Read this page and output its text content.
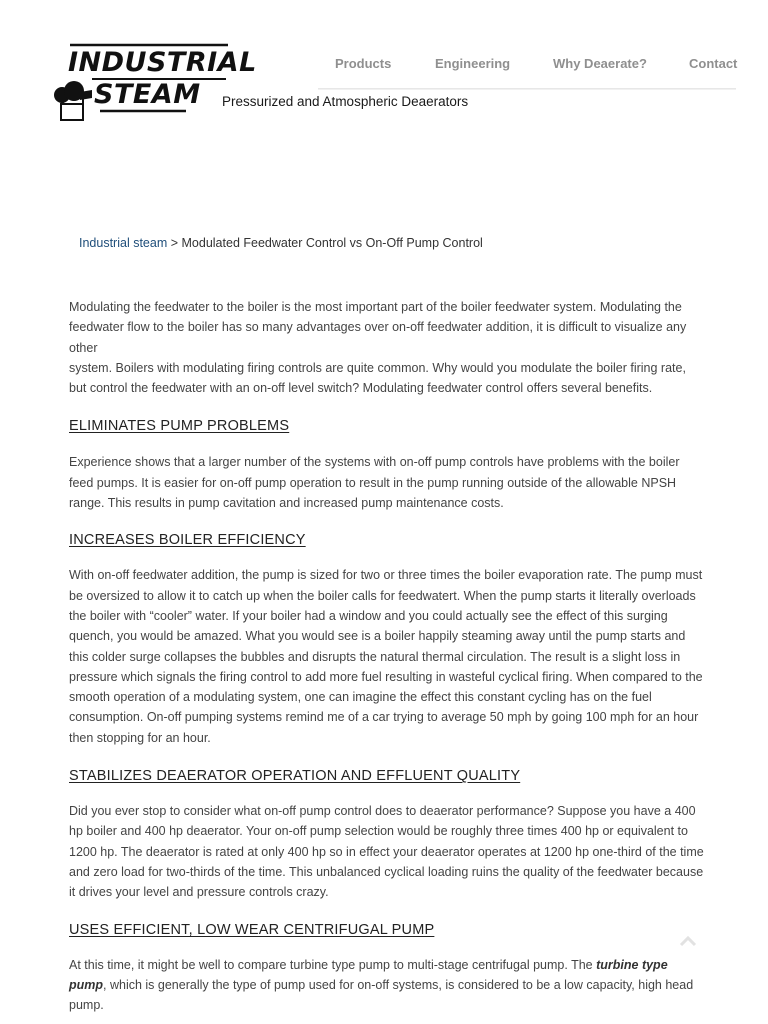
INDUSTRIAL
STEAM Pressurized and Atmospheric Deaerators
Products	Engineering	Why Deaerate?	Contact
Industrial steam > Modulated Feedwater Control vs On-Off Pump Control

Modulating the feedwater to the boiler is the most important part of the boiler feedwater system. Modulating the feedwater flow to the boiler has so many advantages over on-off feedwater addition, it is difficult to visualize any other
system. Boilers with modulating firing controls are quite common. Why would you modulate the boiler firing rate, but control the feedwater with an on-off level switch? Modulating feedwater control offers several benefits.

ELIMINATES PUMP PROBLEMS

Experience shows that a larger number of the systems with on-off pump controls have problems with the boiler feed pumps. It is easier for on-off pump operation to result in the pump running outside of the allowable NPSH range. This results in pump cavitation and increased pump maintenance costs.

INCREASES BOILER EFFICIENCY

With on-off feedwater addition, the pump is sized for two or three times the boiler evaporation rate. The pump must be oversized to allow it to catch up when the boiler calls for feedwatert. When the pump starts it literally overloads the boiler with “cooler” water. If your boiler had a window and you could actually see the effect of this surging quench, you would be amazed. What you would see is a boiler happily steaming away until the pump starts and this colder surge collapses the bubbles and disrupts the natural thermal circulation. The result is a slight loss in pressure which signals the firing control to add more fuel resulting in wasteful cyclical firing. When compared to the smooth operation of a modulating system, one can imagine the effect this constant cycling has on the fuel consumption. On-off pumping systems remind me of a car trying to average 50 mph by going 100 mph for an hour then stopping for an hour.

STABILIZES DEAERATOR OPERATION AND EFFLUENT QUALITY

Did you ever stop to consider what on-off pump control does to deaerator performance? Suppose you have a 400 hp boiler and 400 hp deaerator. Your on-off pump selection would be roughly three times 400 hp or equivalent to 1200 hp. The deaerator is rated at only 400 hp so in effect your deaerator operates at 1200 hp one-third of the time and zero load for two-thirds of the time. This unbalanced cyclical loading ruins the quality of the feedwater because it drives your level and pressure controls crazy.

USES EFFICIENT, LOW WEAR CENTRIFUGAL PUMP

At this time, it might be well to compare turbine type pump to multi-stage centrifugal pump. The turbine type pump, which is generally the type of pump used for on-off systems, is considered to be a low capacity, high head pump.
